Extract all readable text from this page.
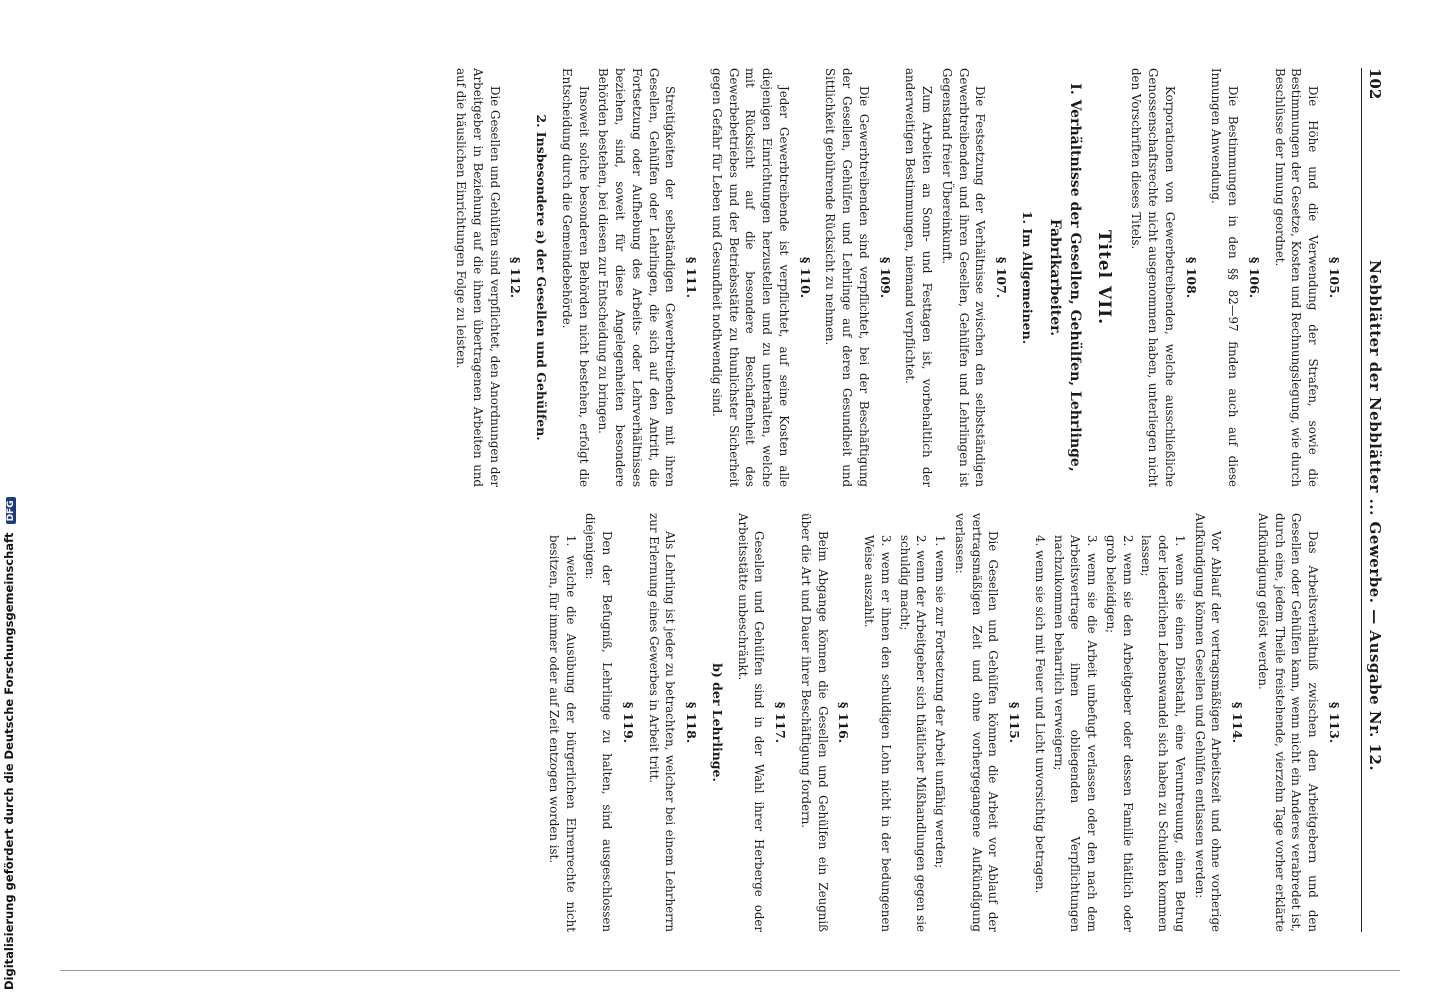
102
Nebblätter der Nebblätter ... Gewerbe. — Ausgabe Nr. 12.
§ 105.

Die Höhe und die Verwendung der Strafen, sowie die Bestimmungen der Gesetze, Kosten und Rechnungslegung, wie durch Beschlüsse der Innung geordnet.

§ 106.

Die Bestimmungen in den §§ 82—97 finden auch auf diese Innungen Anwendung.

§ 108.

Korporationen von Gewerbetreibenden, welche ausschließliche Genossenschaftsrechte nicht ausgenommen haben, unterliegen nicht den Vorschriften dieses Titels.

Titel VII.
I. Verhältnisse der Gesellen, Gehülfen, Lehrlinge, Fabrikarbeiter.
1. Im Allgemeinen.
§ 107.

Die Festsetzung der Verhältnisse zwischen den selbstständigen Gewerbtreibenden und ihren Gesellen, Gehülfen und Lehrlingen ist Gegenstand freier Übereinkunft.

Zum Arbeiten an Sonn- und Festtagen ist, vorbehaltlich der anderweitigen Bestimmungen, niemand verpflichtet.

§ 109.

Die Gewerbtreibenden sind verpflichtet, bei der Beschäftigung der Gesellen, Gehülfen und Lehrlinge auf deren Gesundheit und Sittlichkeit gebührende Rücksicht zu nehmen.

§ 110.

Jeder Gewerbtreibende ist verpflichtet, auf seine Kosten alle diejenigen Einrichtungen herzustellen und zu unterhalten, welche mit Rücksicht auf die besondere Beschaffenheit des Gewerbebetriebes und der Betriebsstätte zu thunlichster Sicherheit gegen Gefahr für Leben und Gesundheit nothwendig sind.

§ 111.

Streitigkeiten der selbständigen Gewerbtreibenden mit ihren Gesellen, Gehülfen oder Lehrlingen, die sich auf den Antritt, die Fortsetzung oder Aufhebung des Arbeits- oder Lehrverhältnisses beziehen, sind, soweit für diese Angelegenheiten besondere Behörden bestehen, bei diesen zur Entscheidung zu bringen.

Insoweit solche besonderen Behörden nicht bestehen, erfolgt die Entscheidung durch die Gemeindebehörde.

2. Insbesondere a) der Gesellen und Gehülfen.
§ 112.

Die Gesellen und Gehülfen sind verpflichtet, den Anordnungen der Arbeitgeber in Beziehung auf die ihnen übertragenen Arbeiten und auf die häuslichen Einrichtungen Folge zu leisten.

§ 113.

Das Arbeitsverhältniß zwischen den Arbeitgebern und den Gesellen oder Gehülfen kann, wenn nicht ein Anderes verabredet ist, durch eine, jedem Theile freistehende, vierzehn Tage vorher erklärte Aufkündigung gelöst werden.

§ 114.

Vor Ablauf der vertragsmäßigen Arbeitszeit und ohne vorherige Aufkündigung können Gesellen und Gehülfen entlassen werden:

1. wenn sie einen Diebstahl, eine Veruntreuung, einen Betrug oder liederlichen Lebenswandel sich haben zu Schulden kommen lassen;
2. wenn sie den Arbeitgeber oder dessen Familie thätlich oder grob beleidigen;
3. wenn sie die Arbeit unbefugt verlassen oder den nach dem Arbeitsvertrage ihnen obliegenden Verpflichtungen nachzukommen beharrlich verweigern;
4. wenn sie sich mit Feuer und Licht unvorsichtig betragen.
§ 115.

Die Gesellen und Gehülfen können die Arbeit vor Ablauf der vertragsmäßigen Zeit und ohne vorhergegangene Aufkündigung verlassen:

1. wenn sie zur Fortsetzung der Arbeit unfähig werden;
2. wenn der Arbeitgeber sich thätlicher Mißhandlungen gegen sie schuldig macht;
3. wenn er ihnen den schuldigen Lohn nicht in der bedungenen Weise auszahlt.
§ 116.

Beim Abgange können die Gesellen und Gehülfen ein Zeugniß über die Art und Dauer ihrer Beschäftigung fordern.

§ 117.

Gesellen und Gehülfen sind in der Wahl ihrer Herberge oder Arbeitsstätte unbeschränkt.

b) der Lehrlinge.
§ 118.

Als Lehrling ist jeder zu betrachten, welcher bei einem Lehrherrn zur Erlernung eines Gewerbes in Arbeit tritt.

§ 119.

Den der Befugniß, Lehrlinge zu halten, sind ausgeschlossen diejenigen:

1. welche die Ausübung der bürgerlichen Ehrenrechte nicht besitzen, für immer oder auf Zeit entzogen worden ist.
Digitalisierung gefördert durch die Deutsche Forschungsgemeinschaft DFG
